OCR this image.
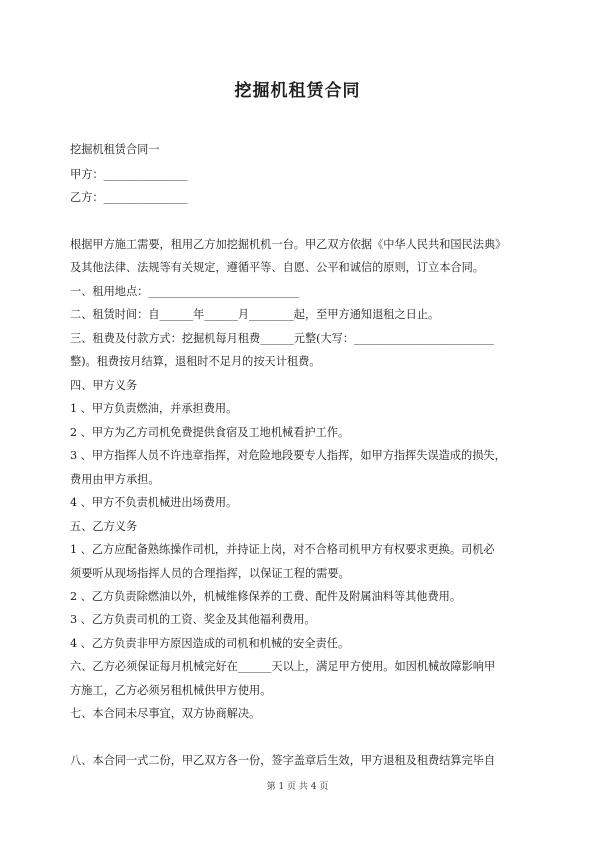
挖掘机租赁合同
挖掘机租赁合同一
甲方：_______________
乙方：_______________
根据甲方施工需要，租用乙方加挖掘机机一台。甲乙双方依据《中华人民共和国民法典》
及其他法律、法规等有关规定，遵循平等、自愿、公平和诚信的原则，订立本合同。
一、租用地点：___________________________
二、租赁时间：自______年______月________起，至甲方通知退租之日止。
三、租费及付款方式：挖掘机每月租费______元整(大写：_________________________
整)。租费按月结算，退租时不足月的按天计租费。
四、甲方义务
1 、甲方负责燃油，并承担费用。
2 、甲方为乙方司机免费提供食宿及工地机械看护工作。
3 、甲方指挥人员不许违章指挥，对危险地段要专人指挥，如甲方指挥失误造成的损失，
费用由甲方承担。
4 、甲方不负责机械进出场费用。
五、乙方义务
1 、乙方应配备熟练操作司机，并持证上岗，对不合格司机甲方有权要求更换。司机必
须要听从现场指挥人员的合理指挥，以保证工程的需要。
2 、乙方负责除燃油以外，机械维修保养的工费、配件及附属油料等其他费用。
3 、乙方负责司机的工资、奖金及其他福利费用。
4 、乙方负责非甲方原因造成的司机和机械的安全责任。
六、乙方必须保证每月机械完好在______天以上，满足甲方使用。如因机械故障影响甲
方施工，乙方必须另租机械供甲方使用。
七、本合同未尽事宜，双方协商解决。
八、本合同一式二份，甲乙双方各一份，签字盖章后生效，甲方退租及租费结算完毕自
第 1 页 共 4 页
